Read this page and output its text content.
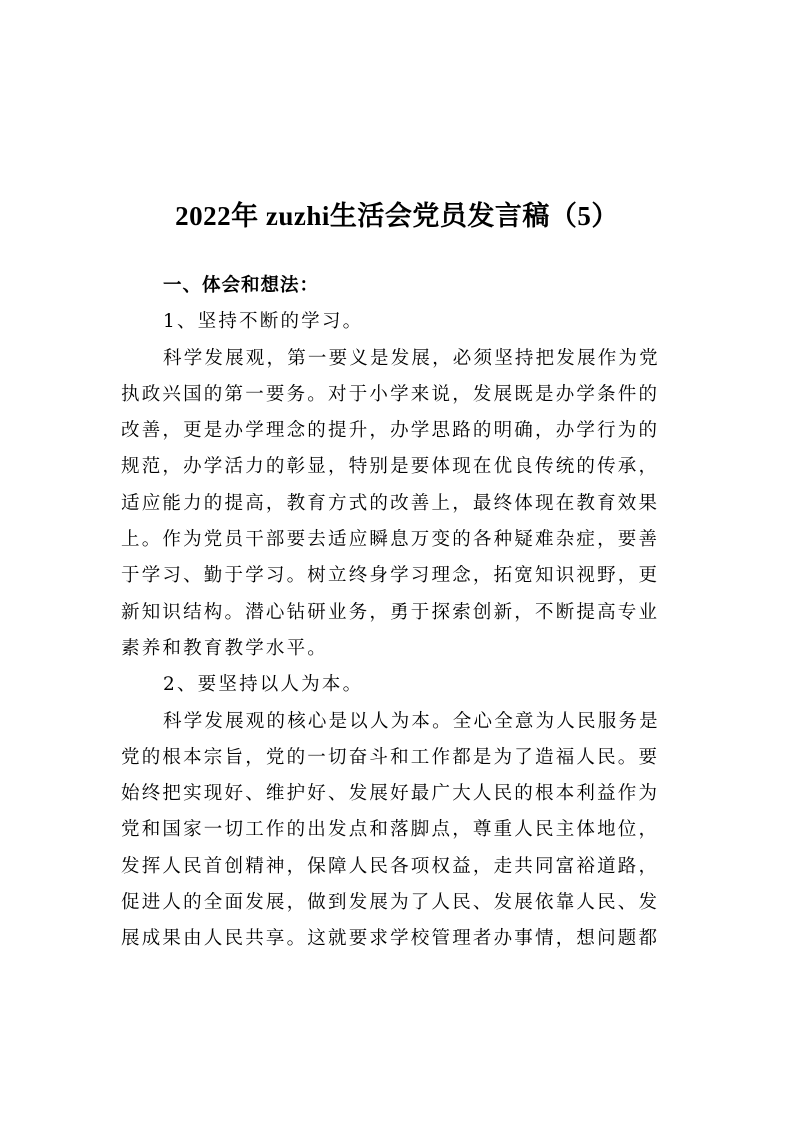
2022年 zuzhi生活会党员发言稿（5）
一、体会和想法：
1、坚持不断的学习。
科学发展观，第一要义是发展，必须坚持把发展作为党
执政兴国的第一要务。对于小学来说，发展既是办学条件的
改善，更是办学理念的提升，办学思路的明确，办学行为的
规范，办学活力的彰显，特别是要体现在优良传统的传承，
适应能力的提高，教育方式的改善上，最终体现在教育效果
上。作为党员干部要去适应瞬息万变的各种疑难杂症，要善
于学习、勤于学习。树立终身学习理念，拓宽知识视野，更
新知识结构。潜心钻研业务，勇于探索创新，不断提高专业
素养和教育教学水平。
2、要坚持以人为本。
科学发展观的核心是以人为本。全心全意为人民服务是
党的根本宗旨，党的一切奋斗和工作都是为了造福人民。要
始终把实现好、维护好、发展好最广大人民的根本利益作为
党和国家一切工作的出发点和落脚点，尊重人民主体地位，
发挥人民首创精神，保障人民各项权益，走共同富裕道路，
促进人的全面发展，做到发展为了人民、发展依靠人民、发
展成果由人民共享。这就要求学校管理者办事情，想问题都
